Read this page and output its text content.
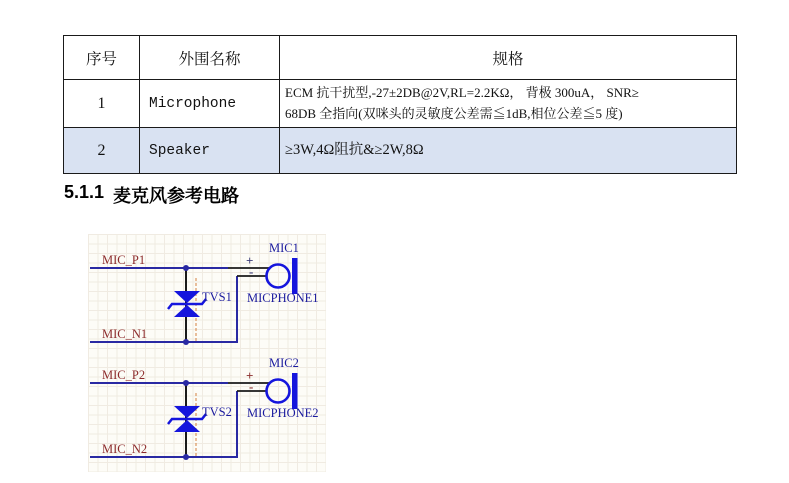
序号	外围名称	规格
1	Microphone	ECM 抗干扰型,-27±2DB@2V,RL=2.2KΩ， 背极 300uA， SNR≥
68DB 全指向(双咪头的灵敏度公差需≦1dB,相位公差≦5 度)

2	Speaker	≥3W,4Ω阻抗&≥2W,8Ω
5.1.1 麦克风参考电路
MIC_P1
MIC_N1
TVS1
MIC1
MICPHONE1
+
-
MIC_P2
MIC_N2
TVS2
MIC2
MICPHONE2
+
-
